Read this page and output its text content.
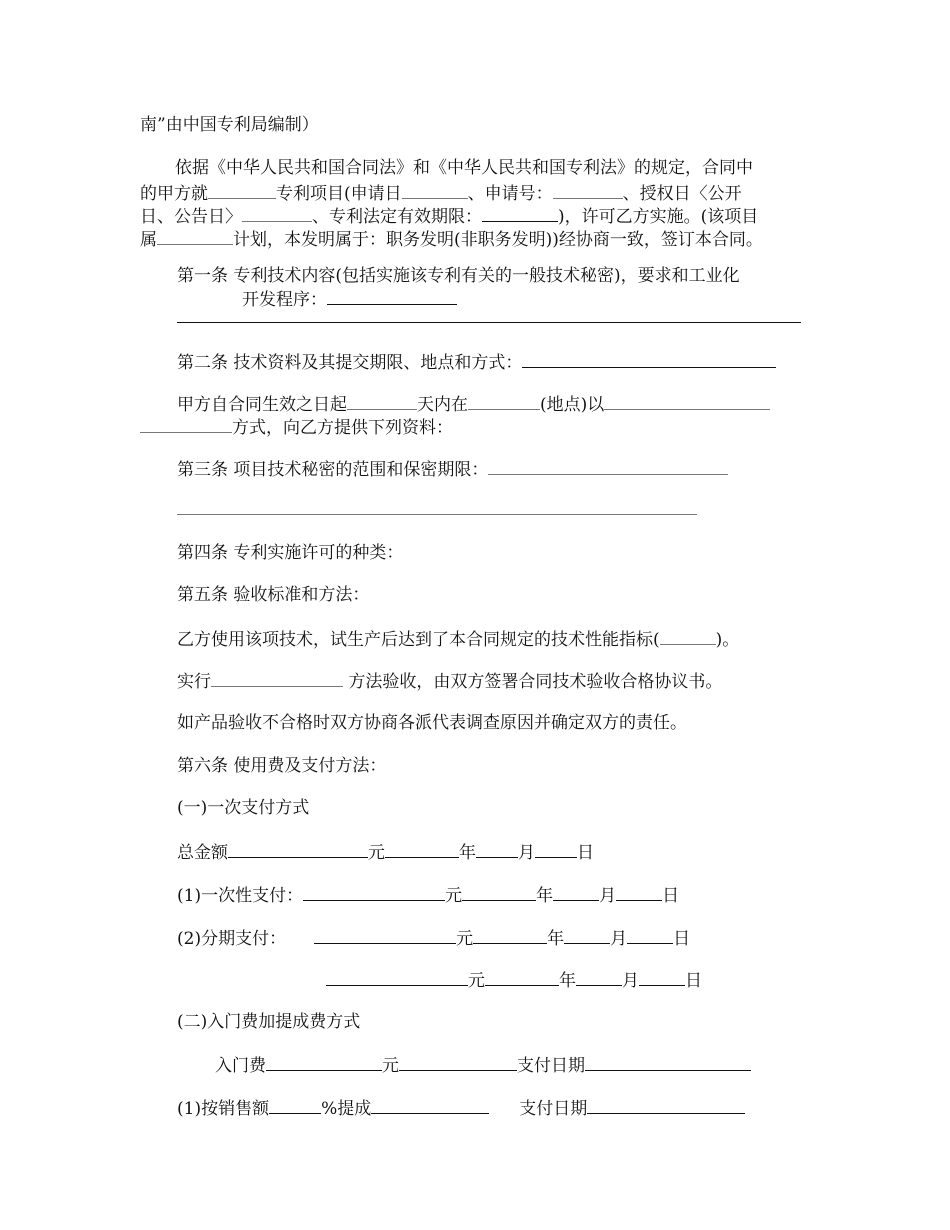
南”由中国专利局编制）
依据《中华人民共和国合同法》和《中华人民共和国专利法》的规定，合同中
的甲方就	专利项目(申请日	、申请号：	、授权日〈公开
日、公告日〉	、专利法定有效期限：	)，许可乙方实施。(该项目
属	计划，本发明属于：职务发明(非职务发明))经协商一致，签订本合同。
第一条 专利技术内容(包括实施该专利有关的一般技术秘密)，要求和工业化
开发程序：
第二条 技术资料及其提交期限、地点和方式：
甲方自合同生效之日起	天内在	(地点)以
方式，向乙方提供下列资料：
第三条 项目技术秘密的范围和保密期限：
第四条 专利实施许可的种类：
第五条 验收标准和方法：
乙方使用该项技术，试生产后达到了本合同规定的技术性能指标(	)。
实行	方法验收，由双方签署合同技术验收合格协议书。
如产品验收不合格时双方协商各派代表调查原因并确定双方的责任。
第六条 使用费及支付方法：
(一)一次支付方式
总金额	元	年 月 日
(1)一次性支付：	元	年	月	日
(2)分期支付：	元	年	月	日
元	年	月	日
(二)入门费加提成费方式
入门费	元	支付日期
(1)按销售额	%提成	支付日期
